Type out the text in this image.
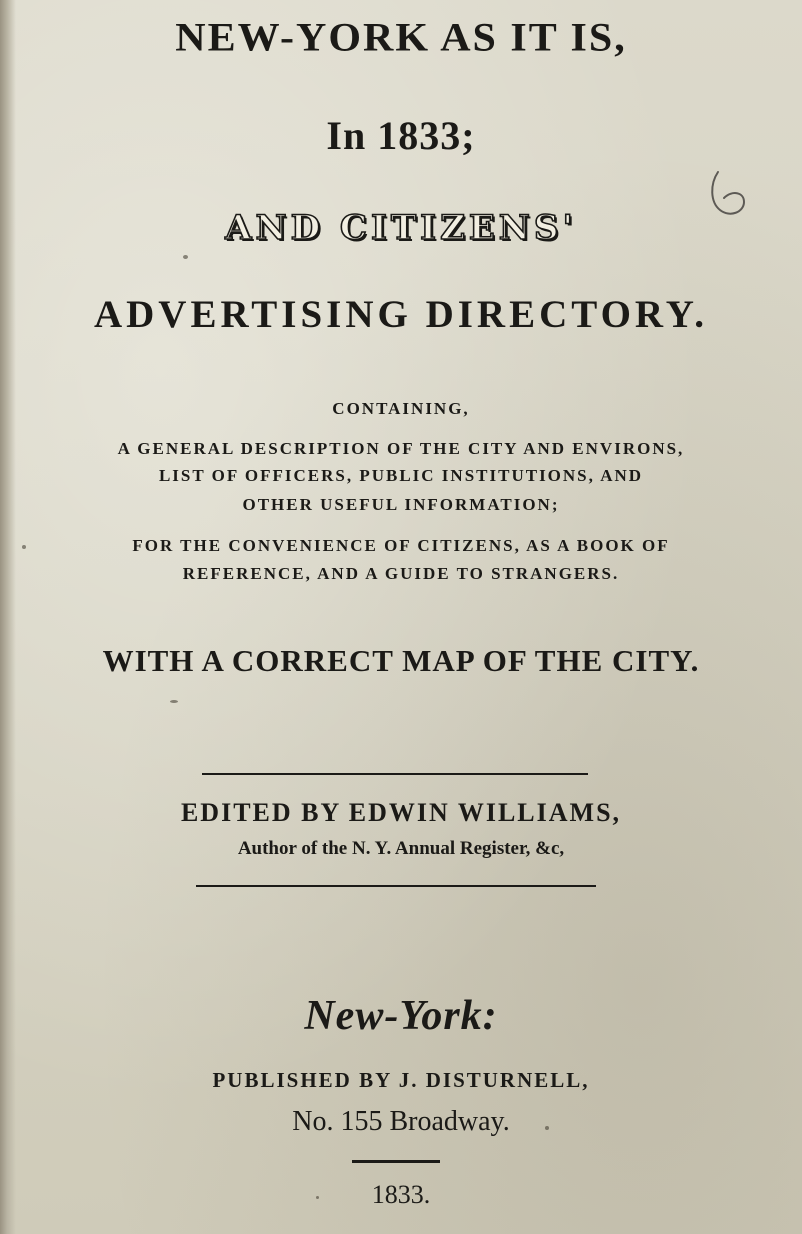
NEW-YORK AS IT IS,
In 1833;
AND CITIZENS'
ADVERTISING DIRECTORY.
CONTAINING,
A GENERAL DESCRIPTION OF THE CITY AND ENVIRONS,
LIST OF OFFICERS, PUBLIC INSTITUTIONS, AND
OTHER USEFUL INFORMATION;
FOR THE CONVENIENCE OF CITIZENS, AS A BOOK OF
REFERENCE, AND A GUIDE TO STRANGERS.
WITH A CORRECT MAP OF THE CITY.
EDITED BY EDWIN WILLIAMS,
Author of the N. Y. Annual Register, &c,
New-York:
PUBLISHED BY J. DISTURNELL,
No. 155 Broadway.
1833.
